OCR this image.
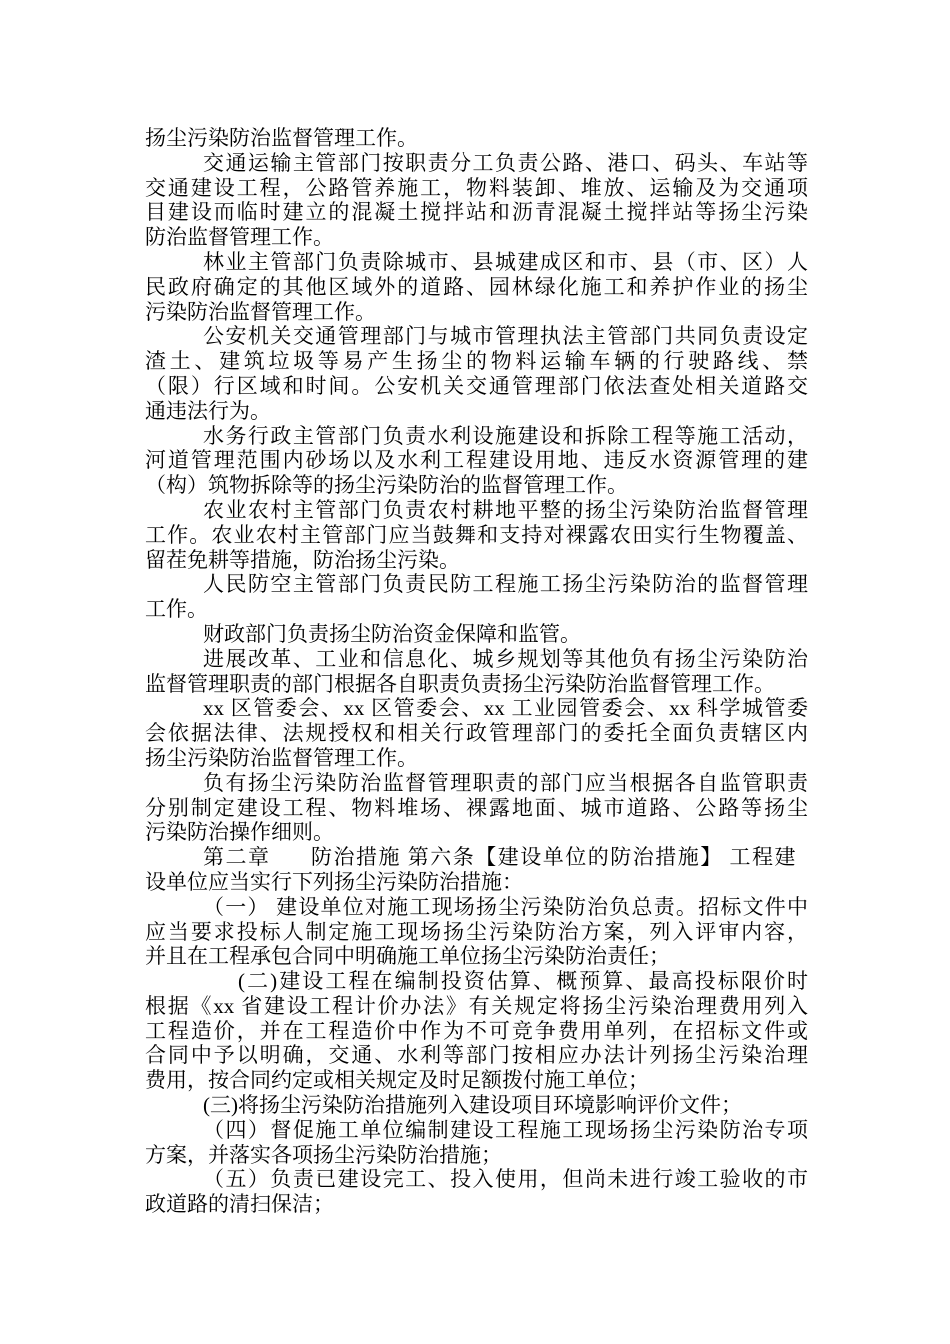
扬尘污染防治监督管理工作。
交通运输主管部门按职责分工负责公路、港口、码头、车站等
交通建设工程，公路管养施工，物料装卸、堆放、运输及为交通项
目建设而临时建立的混凝土搅拌站和沥青混凝土搅拌站等扬尘污染
防治监督管理工作。
林业主管部门负责除城市、县城建成区和市、县（市、区）人
民政府确定的其他区域外的道路、园林绿化施工和养护作业的扬尘
污染防治监督管理工作。
公安机关交通管理部门与城市管理执法主管部门共同负责设定
渣土、建筑垃圾等易产生扬尘的物料运输车辆的行驶路线、禁
（限）行区域和时间。公安机关交通管理部门依法查处相关道路交
通违法行为。
水务行政主管部门负责水利设施建设和拆除工程等施工活动，
河道管理范围内砂场以及水利工程建设用地、违反水资源管理的建
（构）筑物拆除等的扬尘污染防治的监督管理工作。
农业农村主管部门负责农村耕地平整的扬尘污染防治监督管理
工作。农业农村主管部门应当鼓舞和支持对裸露农田实行生物覆盖、
留茬免耕等措施，防治扬尘污染。
人民防空主管部门负责民防工程施工扬尘污染防治的监督管理
工作。
财政部门负责扬尘防治资金保障和监管。
进展改革、工业和信息化、城乡规划等其他负有扬尘污染防治
监督管理职责的部门根据各自职责负责扬尘污染防治监督管理工作。
xx 区管委会、xx 区管委会、xx 工业园管委会、xx 科学城管委
会依据法律、法规授权和相关行政管理部门的委托全面负责辖区内
扬尘污染防治监督管理工作。
负有扬尘污染防治监督管理职责的部门应当根据各自监管职责
分别制定建设工程、物料堆场、裸露地面、城市道路、公路等扬尘
污染防治操作细则。
第二章      防治措施 第六条【建设单位的防治措施】 工程建
设单位应当实行下列扬尘污染防治措施：
（一） 建设单位对施工现场扬尘污染防治负总责。招标文件中
应当要求投标人制定施工现场扬尘污染防治方案，列入评审内容，
并且在工程承包合同中明确施工单位扬尘污染防治责任；
(二)建设工程在编制投资估算、概预算、最高投标限价时
根据《xx 省建设工程计价办法》有关规定将扬尘污染治理费用列入
工程造价，并在工程造价中作为不可竞争费用单列，在招标文件或
合同中予以明确，交通、水利等部门按相应办法计列扬尘污染治理
费用，按合同约定或相关规定及时足额拨付施工单位；
(三)将扬尘污染防治措施列入建设项目环境影响评价文件；
（四）督促施工单位编制建设工程施工现场扬尘污染防治专项
方案，并落实各项扬尘污染防治措施；
（五）负责已建设完工、投入使用，但尚未进行竣工验收的市
政道路的清扫保洁；
